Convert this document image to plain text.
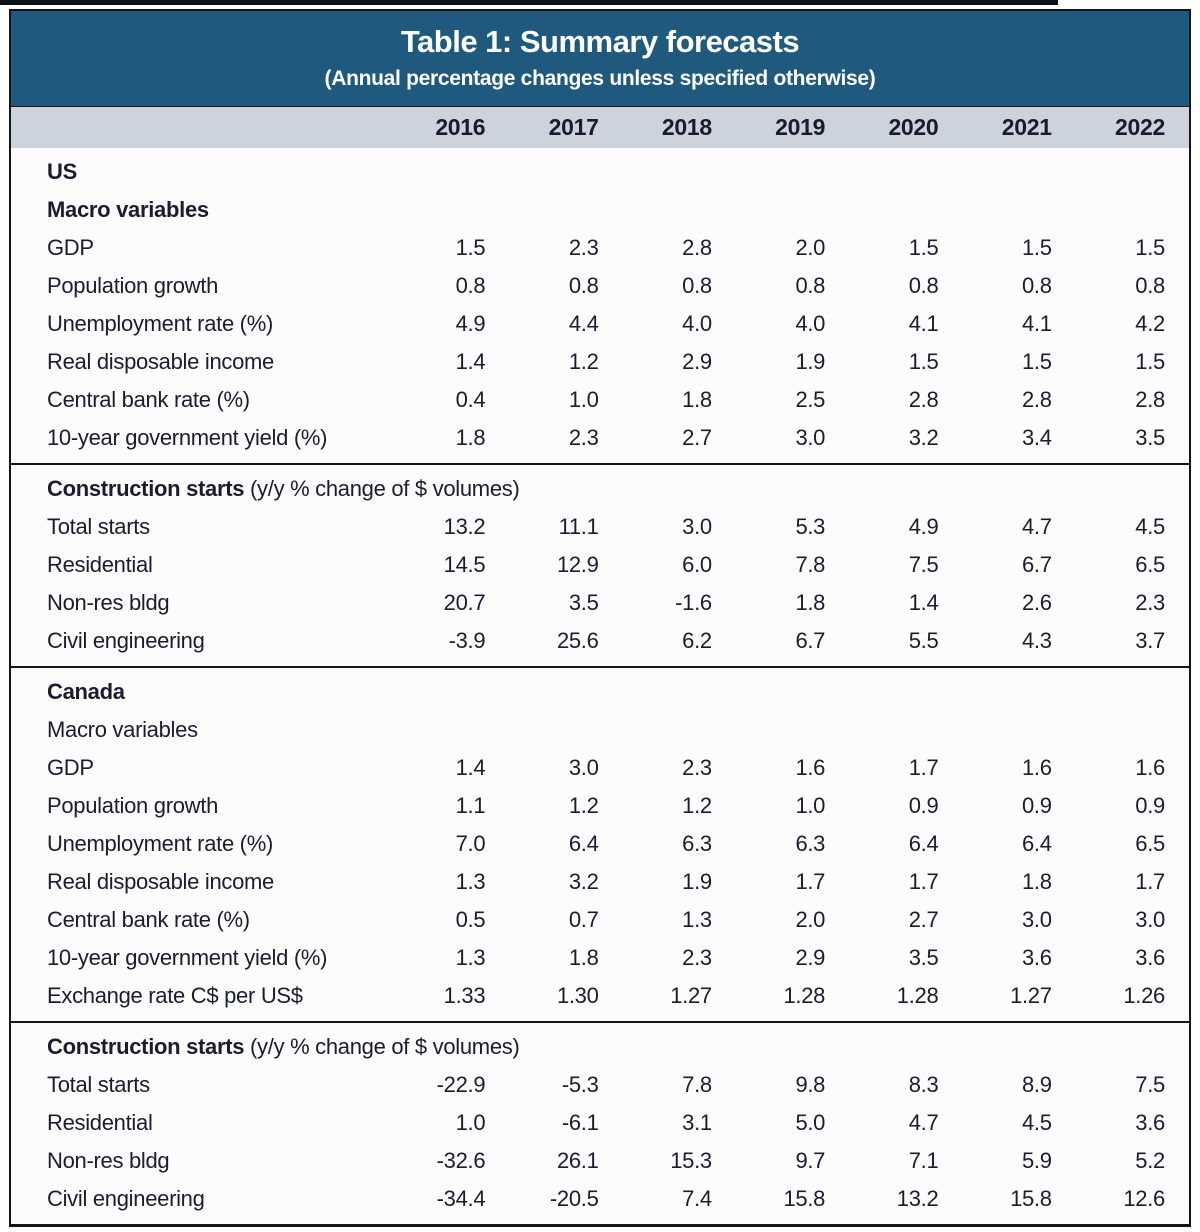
Table 1: Summary forecasts
(Annual percentage changes unless specified otherwise)
2016	2017	2018	2019	2020	2021	2022
US
Macro variables
GDP	1.5	2.3	2.8	2.0	1.5	1.5	1.5
Population growth	0.8	0.8	0.8	0.8	0.8	0.8	0.8
Unemployment rate (%)	4.9	4.4	4.0	4.0	4.1	4.1	4.2
Real disposable income	1.4	1.2	2.9	1.9	1.5	1.5	1.5
Central bank rate (%)	0.4	1.0	1.8	2.5	2.8	2.8	2.8
10-year government yield (%)	1.8	2.3	2.7	3.0	3.2	3.4	3.5
Construction starts (y/y % change of $ volumes)
Total starts	13.2	11.1	3.0	5.3	4.9	4.7	4.5
Residential	14.5	12.9	6.0	7.8	7.5	6.7	6.5
Non-res bldg	20.7	3.5	-1.6	1.8	1.4	2.6	2.3
Civil engineering	-3.9	25.6	6.2	6.7	5.5	4.3	3.7
Canada
Macro variables
GDP	1.4	3.0	2.3	1.6	1.7	1.6	1.6
Population growth	1.1	1.2	1.2	1.0	0.9	0.9	0.9
Unemployment rate (%)	7.0	6.4	6.3	6.3	6.4	6.4	6.5
Real disposable income	1.3	3.2	1.9	1.7	1.7	1.8	1.7
Central bank rate (%)	0.5	0.7	1.3	2.0	2.7	3.0	3.0
10-year government yield (%)	1.3	1.8	2.3	2.9	3.5	3.6	3.6
Exchange rate C$ per US$	1.33	1.30	1.27	1.28	1.28	1.27	1.26
Construction starts (y/y % change of $ volumes)
Total starts	-22.9	-5.3	7.8	9.8	8.3	8.9	7.5
Residential	1.0	-6.1	3.1	5.0	4.7	4.5	3.6
Non-res bldg	-32.6	26.1	15.3	9.7	7.1	5.9	5.2
Civil engineering	-34.4	-20.5	7.4	15.8	13.2	15.8	12.6
